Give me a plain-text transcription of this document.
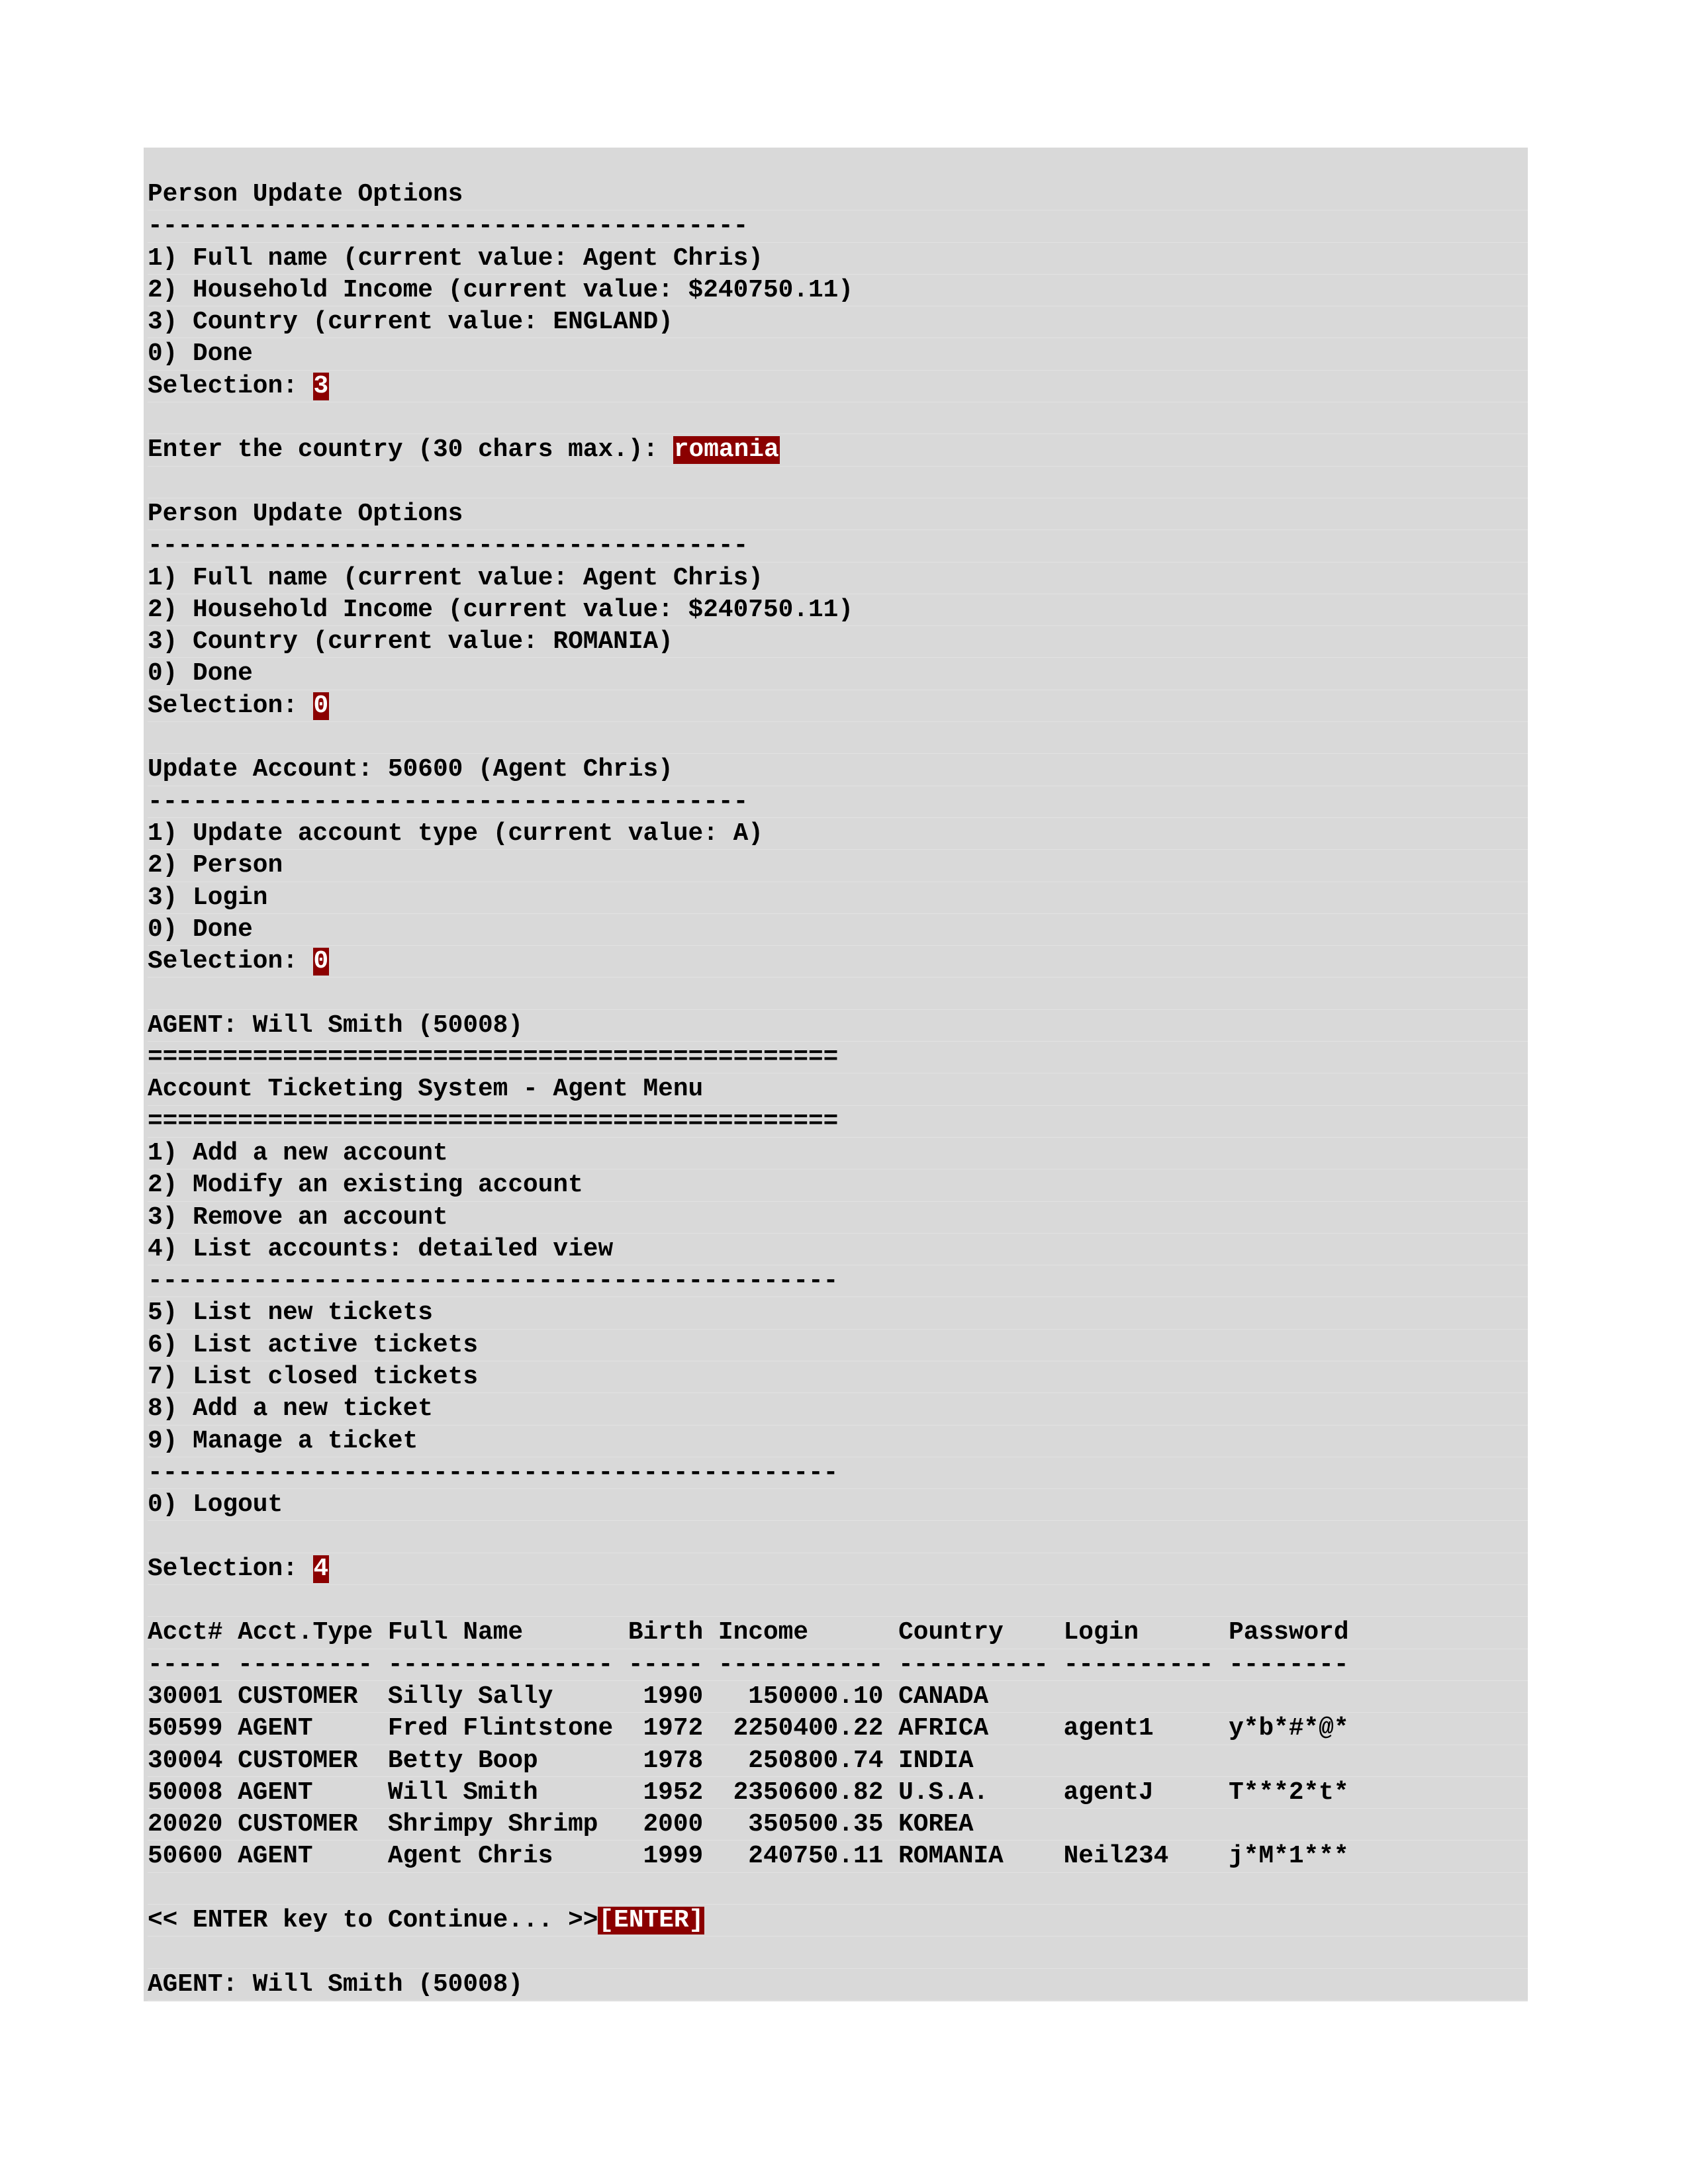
Person Update Options
----------------------------------------
1) Full name (current value: Agent Chris)
2) Household Income (current value: $240750.11)
3) Country (current value: ENGLAND)
0) Done
Selection: 3
Enter the country (30 chars max.): romania
Person Update Options
----------------------------------------
1) Full name (current value: Agent Chris)
2) Household Income (current value: $240750.11)
3) Country (current value: ROMANIA)
0) Done
Selection: 0
Update Account: 50600 (Agent Chris)
----------------------------------------
1) Update account type (current value: A)
2) Person
3) Login
0) Done
Selection: 0
AGENT: Will Smith (50008)
==============================================
Account Ticketing System - Agent Menu
==============================================
1) Add a new account
2) Modify an existing account
3) Remove an account
4) List accounts: detailed view
----------------------------------------------
5) List new tickets
6) List active tickets
7) List closed tickets
8) Add a new ticket
9) Manage a ticket
----------------------------------------------
0) Logout
Selection: 4
Acct# Acct.Type Full Name       Birth Income      Country    Login      Password
----- --------- --------------- ----- ----------- ---------- ---------- --------
30001 CUSTOMER  Silly Sally      1990   150000.10 CANADA
50599 AGENT     Fred Flintstone  1972  2250400.22 AFRICA     agent1     y*b*#*@*
30004 CUSTOMER  Betty Boop       1978   250800.74 INDIA
50008 AGENT     Will Smith       1952  2350600.82 U.S.A.     agentJ     T***2*t*
20020 CUSTOMER  Shrimpy Shrimp   2000   350500.35 KOREA
50600 AGENT     Agent Chris      1999   240750.11 ROMANIA    Neil234    j*M*1***
<< ENTER key to Continue... >>[ENTER]
AGENT: Will Smith (50008)
